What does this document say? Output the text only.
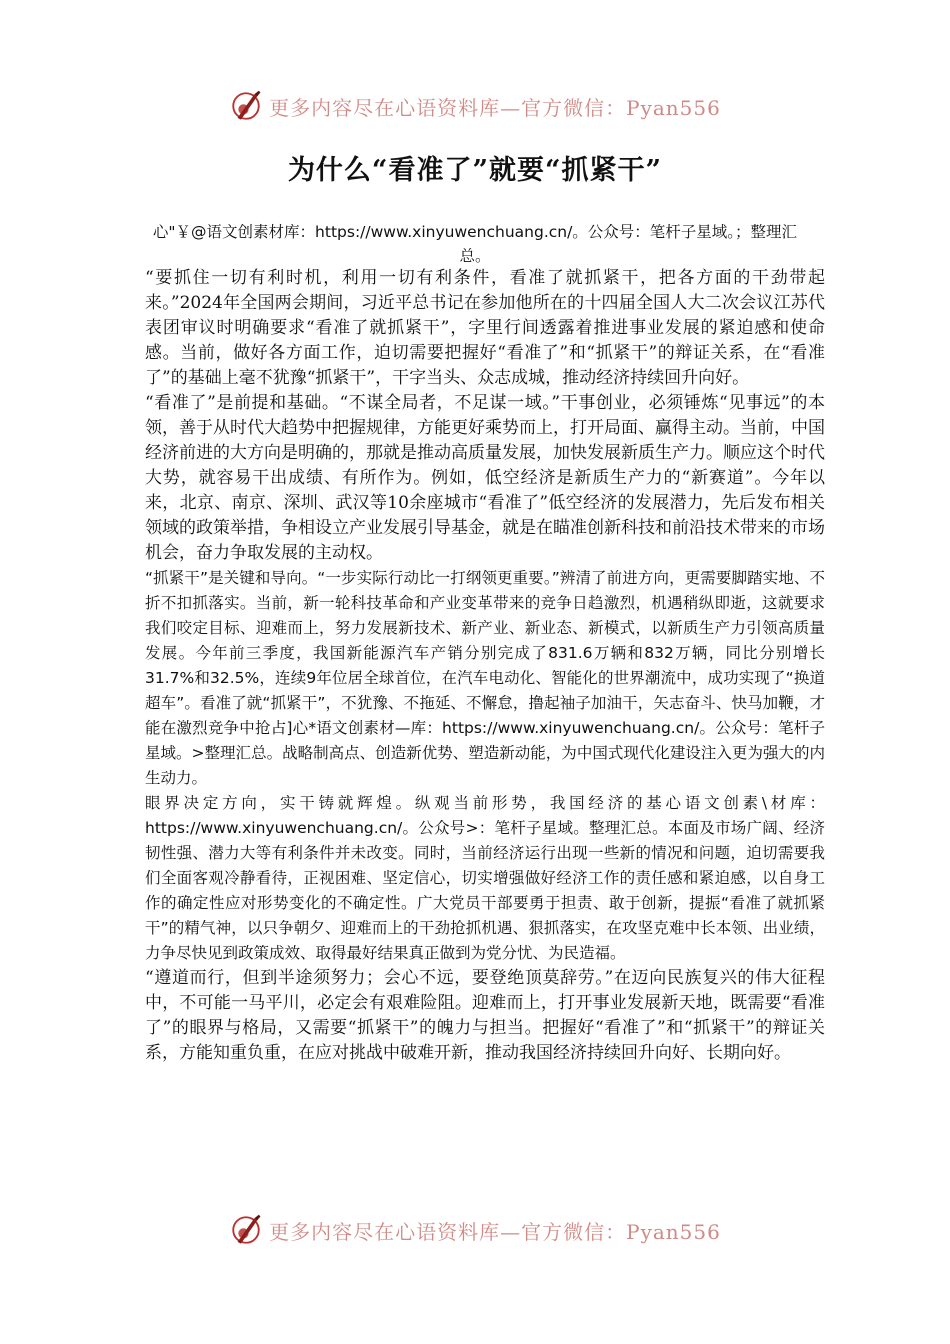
更多内容尽在心语资料库—官方微信：Pyan556
为什么“看准了”就要“抓紧干”
心"￥@语文创素材库：https://www.xinyuwenchuang.cn/。公众号：笔杆子星域。；整理汇总。

“要抓住一切有利时机，利用一切有利条件，看准了就抓紧干，把各方面的干劲带起来。”2024年全国两会期间，习近平总书记在参加他所在的十四届全国人大二次会议江苏代表团审议时明确要求“看准了就抓紧干”，字里行间透露着推进事业发展的紧迫感和使命感。当前，做好各方面工作，迫切需要把握好“看准了”和“抓紧干”的辩证关系，在“看准了”的基础上毫不犹豫“抓紧干”，干字当头、众志成城，推动经济持续回升向好。

“看准了”是前提和基础。“不谋全局者，不足谋一域。”干事创业，必须锤炼“见事远”的本领，善于从时代大趋势中把握规律，方能更好乘势而上，打开局面、赢得主动。当前，中国经济前进的大方向是明确的，那就是推动高质量发展，加快发展新质生产力。顺应这个时代大势，就容易干出成绩、有所作为。例如，低空经济是新质生产力的“新赛道”。今年以来，北京、南京、深圳、武汉等10余座城市“看准了”低空经济的发展潜力，先后发布相关领域的政策举措，争相设立产业发展引导基金，就是在瞄准创新科技和前沿技术带来的市场机会，奋力争取发展的主动权。

“抓紧干”是关键和导向。“一步实际行动比一打纲领更重要。”辨清了前进方向，更需要脚踏实地、不折不扣抓落实。当前，新一轮科技革命和产业变革带来的竞争日趋激烈，机遇稍纵即逝，这就要求我们咬定目标、迎难而上，努力发展新技术、新产业、新业态、新模式，以新质生产力引领高质量发展。今年前三季度，我国新能源汽车产销分别完成了831.6万辆和832万辆，同比分别增长31.7%和32.5%，连续9年位居全球首位，在汽车电动化、智能化的世界潮流中，成功实现了“换道超车”。看准了就“抓紧干”，不犹豫、不拖延、不懈怠，撸起袖子加油干，矢志奋斗、快马加鞭，才能在激烈竞争中抢占]心*语文创素材—库：https://www.xinyuwenchuang.cn/。公众号：笔杆子星域。>整理汇总。战略制高点、创造新优势、塑造新动能，为中国式现代化建设注入更为强大的内生动力。

眼界决定方向，实干铸就辉煌。纵观当前形势，我国经济的基心语文创素\材库：https://www.xinyuwenchuang.cn/。公众号>：笔杆子星域。整理汇总。本面及市场广阔、经济韧性强、潜力大等有利条件并未改变。同时，当前经济运行出现一些新的情况和问题，迫切需要我们全面客观冷静看待，正视困难、坚定信心，切实增强做好经济工作的责任感和紧迫感，以自身工作的确定性应对形势变化的不确定性。广大党员干部要勇于担责、敢于创新，提振“看准了就抓紧干”的精气神，以只争朝夕、迎难而上的干劲抢抓机遇、狠抓落实，在攻坚克难中长本领、出业绩，力争尽快见到政策成效、取得最好结果真正做到为党分忧、为民造福。

“遵道而行，但到半途须努力；会心不远，要登绝顶莫辞劳。”在迈向民族复兴的伟大征程中，不可能一马平川，必定会有艰难险阻。迎难而上，打开事业发展新天地，既需要“看准了”的眼界与格局，又需要“抓紧干”的魄力与担当。把握好“看准了”和“抓紧干”的辩证关系，方能知重负重，在应对挑战中破难开新，推动我国经济持续回升向好、长期向好。

更多内容尽在心语资料库—官方微信：Pyan556
